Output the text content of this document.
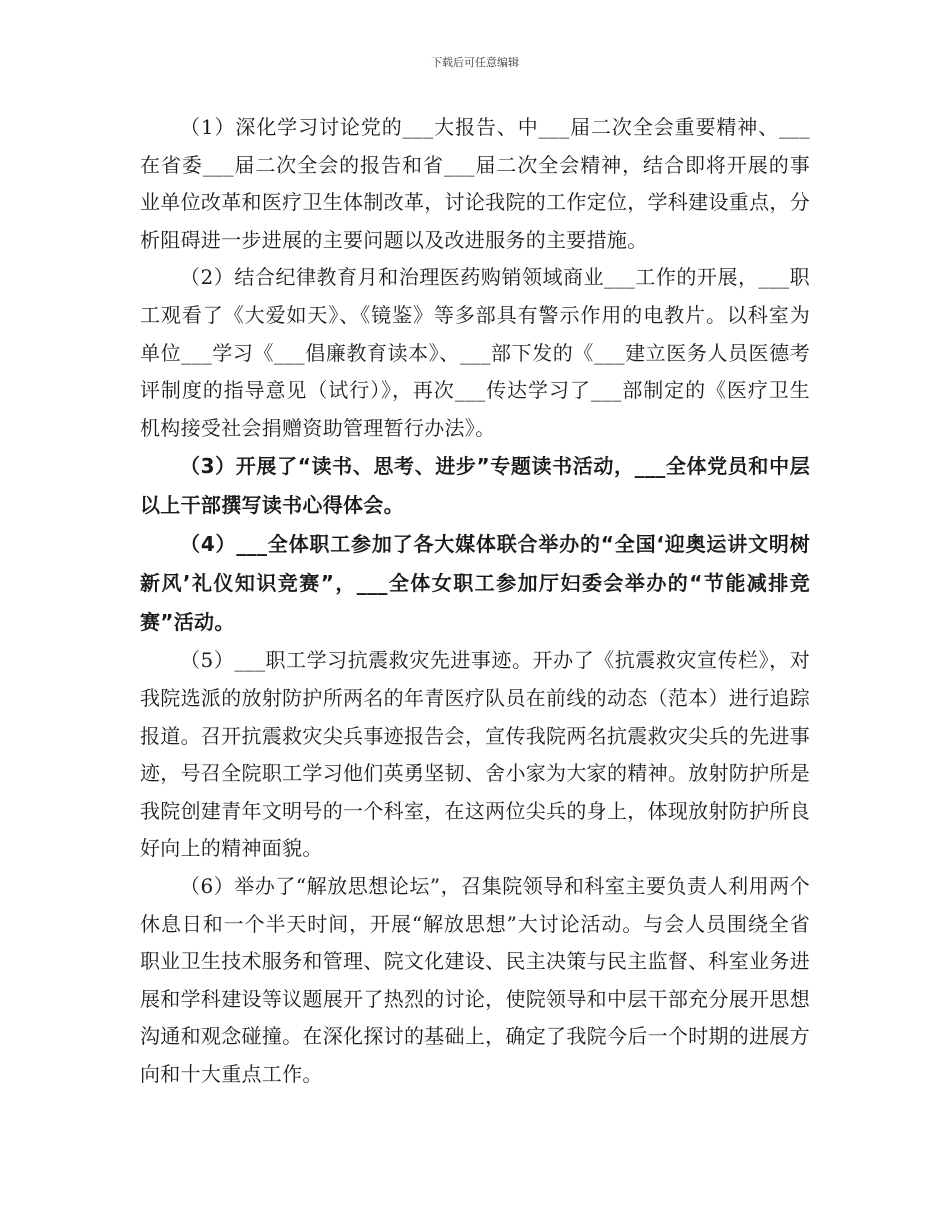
下载后可任意编辑

（1）深化学习讨论党的___大报告、中___届二次全会重要精神、___在省委___届二次全会的报告和省___届二次全会精神，结合即将开展的事业单位改革和医疗卫生体制改革，讨论我院的工作定位，学科建设重点，分析阻碍进一步进展的主要问题以及改进服务的主要措施。

（2）结合纪律教育月和治理医药购销领域商业___工作的开展，___职工观看了《大爱如天》、《镜鉴》等多部具有警示作用的电教片。以科室为单位___学习《___倡廉教育读本》、___部下发的《___建立医务人员医德考评制度的指导意见（试行）》，再次___传达学习了___部制定的《医疗卫生机构接受社会捐赠资助管理暂行办法》。

（3）开展了“读书、思考、进步”专题读书活动，___全体党员和中层以上干部撰写读书心得体会。

（4）___全体职工参加了各大媒体联合举办的“全国‘迎奥运讲文明树新风’礼仪知识竞赛”，___全体女职工参加厅妇委会举办的“节能减排竞赛”活动。

（5）___职工学习抗震救灾先进事迹。开办了《抗震救灾宣传栏》，对我院选派的放射防护所两名的年青医疗队员在前线的动态（范本）进行追踪报道。召开抗震救灾尖兵事迹报告会，宣传我院两名抗震救灾尖兵的先进事迹，号召全院职工学习他们英勇坚韧、舍小家为大家的精神。放射防护所是我院创建青年文明号的一个科室，在这两位尖兵的身上，体现放射防护所良好向上的精神面貌。

（6）举办了“解放思想论坛”，召集院领导和科室主要负责人利用两个休息日和一个半天时间，开展“解放思想”大讨论活动。与会人员围绕全省职业卫生技术服务和管理、院文化建设、民主决策与民主监督、科室业务进展和学科建设等议题展开了热烈的讨论，使院领导和中层干部充分展开思想沟通和观念碰撞。在深化探讨的基础上，确定了我院今后一个时期的进展方向和十大重点工作。
